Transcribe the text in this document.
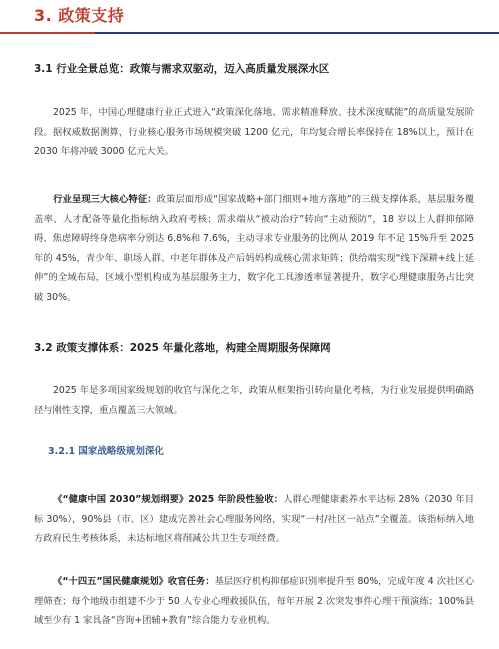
3. 政策支持
3.1 行业全景总览：政策与需求双驱动，迈入高质量发展深水区

2025 年，中国心理健康行业正式进入“政策深化落地、需求精准释放、技术深度赋能”的高质量发展阶段。据权威数据测算，行业核心服务市场规模突破 1200 亿元，年均复合增长率保持在 18%以上，预计在 2030 年将冲破 3000 亿元大关。

行业呈现三大核心特征：政策层面形成“国家战略+部门细则+地方落地”的三级支撑体系，基层服务覆盖率、人才配备等量化指标纳入政府考核；需求端从“被动治疗”转向“主动预防”，18 岁以上人群抑郁障碍、焦虑障碍终身患病率分别达 6.8%和 7.6%，主动寻求专业服务的比例从 2019 年不足 15%升至 2025 年的 45%，青少年、职场人群、中老年群体及产后妈妈构成核心需求矩阵；供给端实现“线下深耕+线上延伸”的全域布局，区域小型机构成为基层服务主力，数字化工具渗透率显著提升，数字心理健康服务占比突破 30%。

3.2 政策支撑体系：2025 年量化落地，构建全周期服务保障网

2025 年是多项国家级规划的收官与深化之年，政策从框架指引转向量化考核，为行业发展提供明确路径与刚性支撑，重点覆盖三大领域。

3.2.1 国家战略级规划深化

《“健康中国 2030”规划纲要》2025 年阶段性验收：人群心理健康素养水平达标 28%（2030 年目标 30%），90%县（市、区）建成完善社会心理服务网络，实现“一村/社区一站点”全覆盖。该指标纳入地方政府民生考核体系，未达标地区将削减公共卫生专项经费。

《“十四五”国民健康规划》收官任务：基层医疗机构抑郁症识别率提升至 80%，完成年度 4 次社区心理筛查；每个地级市组建不少于 50 人专业心理救援队伍，每年开展 2 次突发事件心理干预演练；100%县域至少有 1 家具备“咨询+团辅+教育”综合能力专业机构。
